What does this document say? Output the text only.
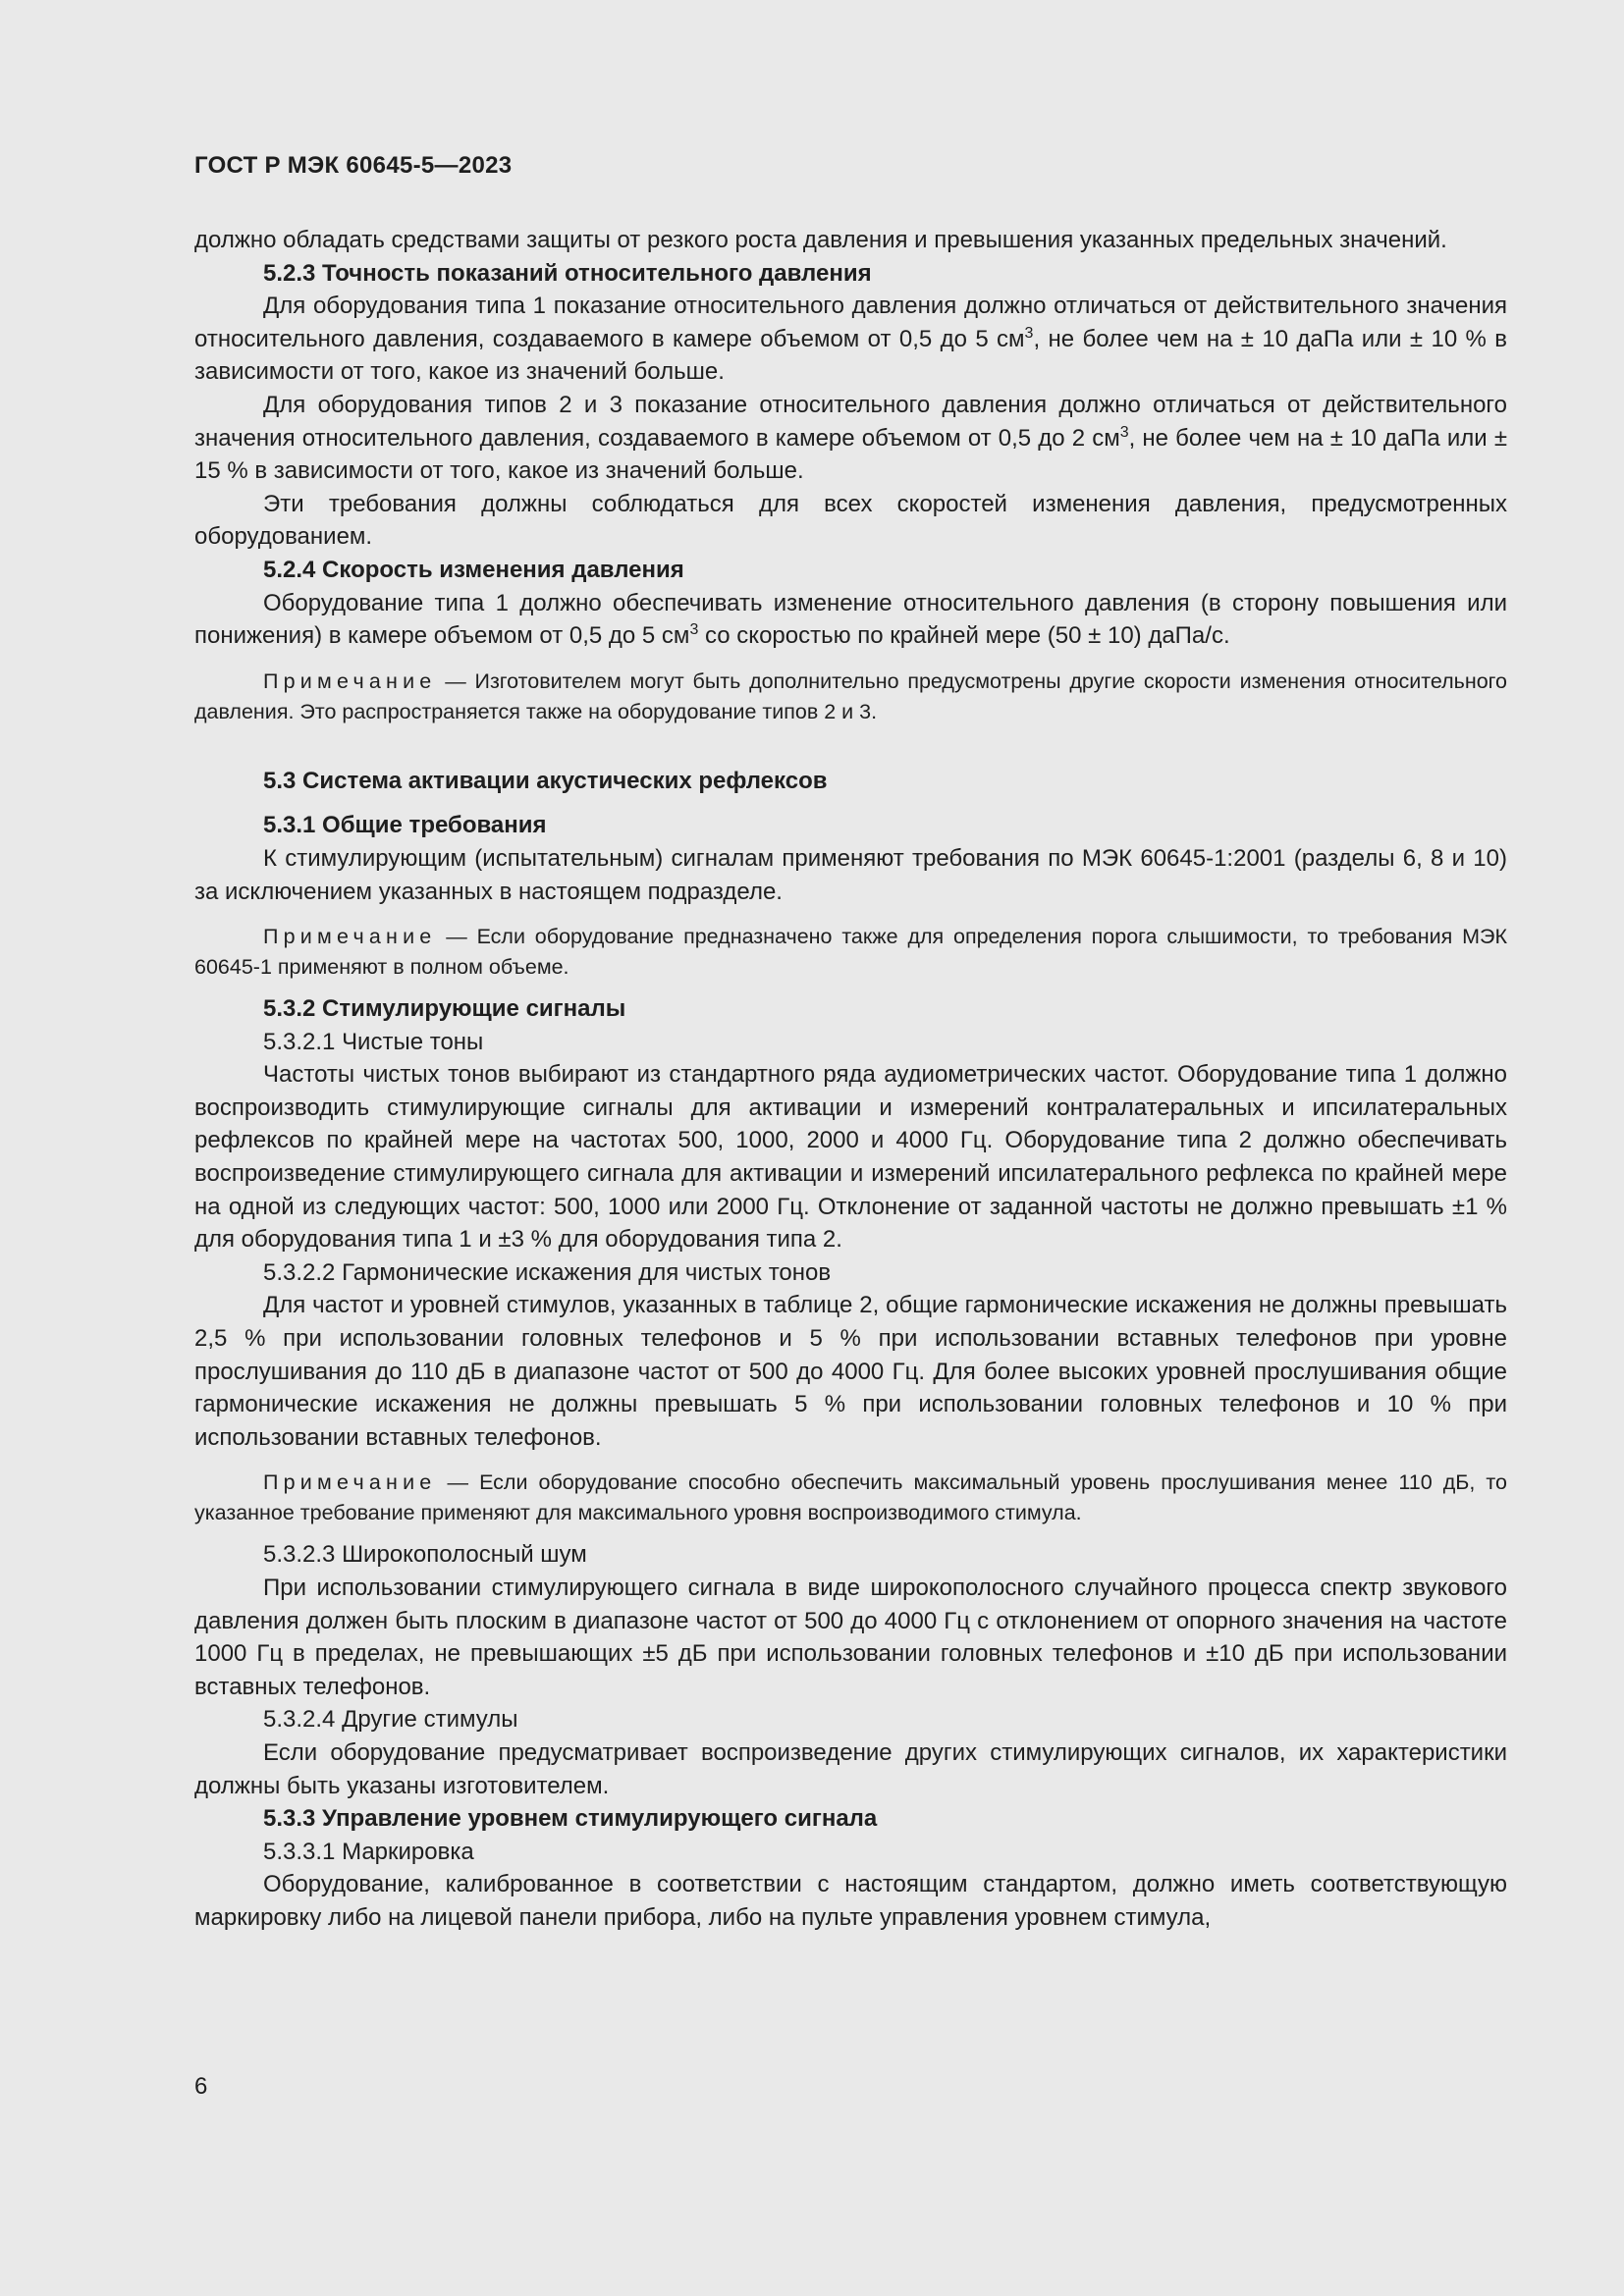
ГОСТ Р МЭК 60645-5—2023

должно обладать средствами защиты от резкого роста давления и превышения указанных предельных значений.

5.2.3 Точность показаний относительного давления

Для оборудования типа 1 показание относительного давления должно отличаться от действительного значения относительного давления, создаваемого в камере объемом от 0,5 до 5 $см^3$, не более чем на ± 10 даПа или ± 10 % в зависимости от того, какое из значений больше.

Для оборудования типов 2 и 3 показание относительного давления должно отличаться от действительного значения относительного давления, создаваемого в камере объемом от 0,5 до 2 $см^3$, не более чем на ± 10 даПа или ± 15 % в зависимости от того, какое из значений больше.

Эти требования должны соблюдаться для всех скоростей изменения давления, предусмотренных оборудованием.

5.2.4 Скорость изменения давления

Оборудование типа 1 должно обеспечивать изменение относительного давления (в сторону повышения или понижения) в камере объемом от 0,5 до 5 $см^3$ со скоростью по крайней мере (50 ± 10) даПа/с.

Примечание — Изготовителем могут быть дополнительно предусмотрены другие скорости изменения относительного давления. Это распространяется также на оборудование типов 2 и 3.

5.3 Система активации акустических рефлексов

5.3.1 Общие требования

К стимулирующим (испытательным) сигналам применяют требования по МЭК 60645-1:2001 (разделы 6, 8 и 10) за исключением указанных в настоящем подразделе.

Примечание — Если оборудование предназначено также для определения порога слышимости, то требования МЭК 60645-1 применяют в полном объеме.

5.3.2 Стимулирующие сигналы

5.3.2.1 Чистые тоны

Частоты чистых тонов выбирают из стандартного ряда аудиометрических частот. Оборудование типа 1 должно воспроизводить стимулирующие сигналы для активации и измерений контралатеральных и ипсилатеральных рефлексов по крайней мере на частотах 500, 1000, 2000 и 4000 Гц. Оборудование типа 2 должно обеспечивать воспроизведение стимулирующего сигнала для активации и измерений ипсилатерального рефлекса по крайней мере на одной из следующих частот: 500, 1000 или 2000 Гц. Отклонение от заданной частоты не должно превышать ±1 % для оборудования типа 1 и ±3 % для оборудования типа 2.

5.3.2.2 Гармонические искажения для чистых тонов

Для частот и уровней стимулов, указанных в таблице 2, общие гармонические искажения не должны превышать 2,5 % при использовании головных телефонов и 5 % при использовании вставных телефонов при уровне прослушивания до 110 дБ в диапазоне частот от 500 до 4000 Гц. Для более высоких уровней прослушивания общие гармонические искажения не должны превышать 5 % при использовании головных телефонов и 10 % при использовании вставных телефонов.

Примечание — Если оборудование способно обеспечить максимальный уровень прослушивания менее 110 дБ, то указанное требование применяют для максимального уровня воспроизводимого стимула.

5.3.2.3 Широкополосный шум

При использовании стимулирующего сигнала в виде широкополосного случайного процесса спектр звукового давления должен быть плоским в диапазоне частот от 500 до 4000 Гц с отклонением от опорного значения на частоте 1000 Гц в пределах, не превышающих ±5 дБ при использовании головных телефонов и ±10 дБ при использовании вставных телефонов.

5.3.2.4 Другие стимулы

Если оборудование предусматривает воспроизведение других стимулирующих сигналов, их характеристики должны быть указаны изготовителем.

5.3.3 Управление уровнем стимулирующего сигнала

5.3.3.1 Маркировка

Оборудование, калиброванное в соответствии с настоящим стандартом, должно иметь соответствующую маркировку либо на лицевой панели прибора, либо на пульте управления уровнем стимула,

6
